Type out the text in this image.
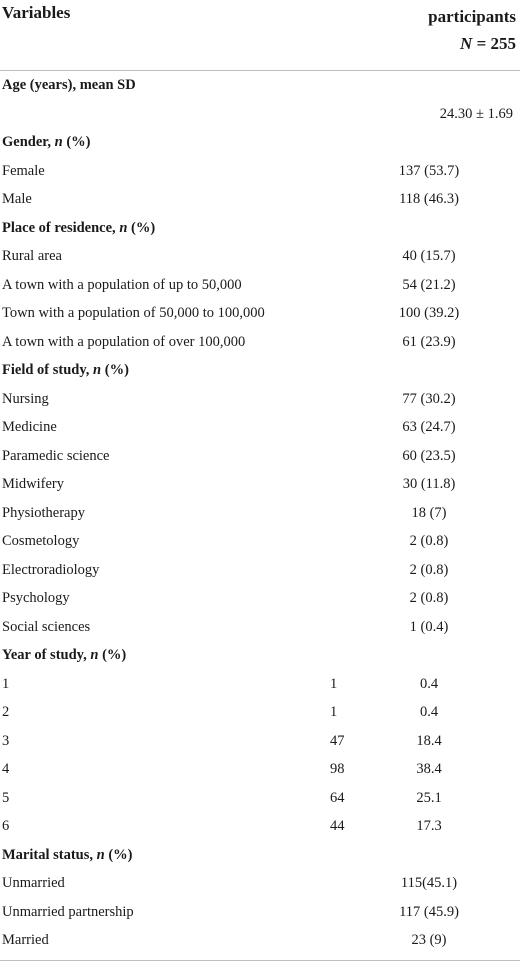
Variables	participants
N = 255
Age (years), mean SD
24.30 ± 1.69
Gender, n (%)
Female	137 (53.7)
Male	118 (46.3)
Place of residence, n (%)
Rural area	40 (15.7)
A town with a population of up to 50,000	54 (21.2)
Town with a population of 50,000 to 100,000	100 (39.2)
A town with a population of over 100,000	61 (23.9)
Field of study, n (%)
Nursing	77 (30.2)
Medicine	63 (24.7)
Paramedic science	60 (23.5)
Midwifery	30 (11.8)
Physiotherapy	18 (7)
Cosmetology	2 (0.8)
Electroradiology	2 (0.8)
Psychology	2 (0.8)
Social sciences	1 (0.4)
Year of study, n (%)
1	1	0.4
2	1	0.4
3	47	18.4
4	98	38.4
5	64	25.1
6	44	17.3
Marital status, n (%)
Unmarried	115(45.1)
Unmarried partnership	117 (45.9)
Married	23 (9)
